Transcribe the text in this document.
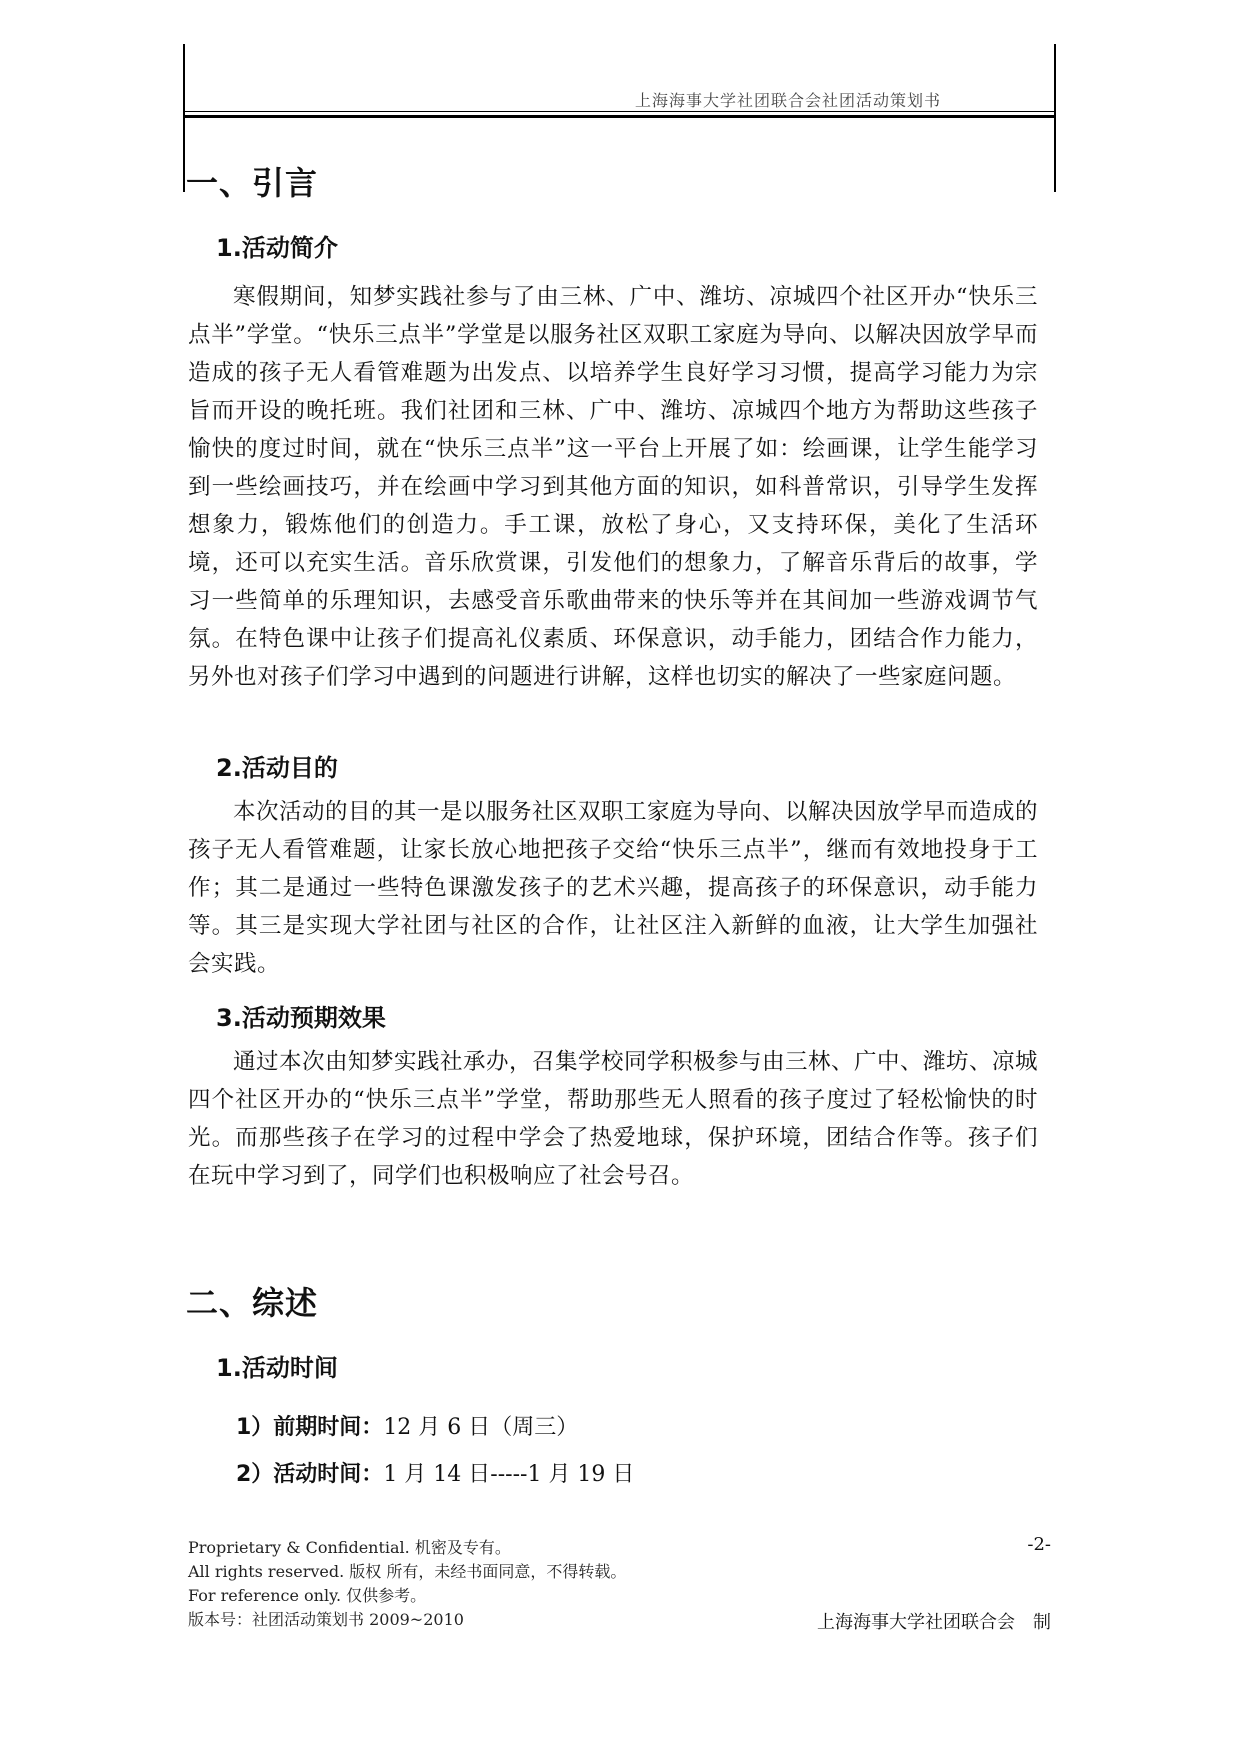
上海海事大学社团联合会社团活动策划书
一、引言
1.活动简介
寒假期间，知梦实践社参与了由三林、广中、潍坊、凉城四个社区开办“快乐三点半”学堂。“快乐三点半”学堂是以服务社区双职工家庭为导向、以解决因放学早而造成的孩子无人看管难题为出发点、以培养学生良好学习习惯，提高学习能力为宗旨而开设的晚托班。我们社团和三林、广中、潍坊、凉城四个地方为帮助这些孩子愉快的度过时间，就在“快乐三点半”这一平台上开展了如：绘画课，让学生能学习到一些绘画技巧，并在绘画中学习到其他方面的知识，如科普常识，引导学生发挥想象力，锻炼他们的创造力。手工课，放松了身心，又支持环保，美化了生活环境，还可以充实生活。音乐欣赏课，引发他们的想象力，了解音乐背后的故事，学习一些简单的乐理知识，去感受音乐歌曲带来的快乐等并在其间加一些游戏调节气氛。在特色课中让孩子们提高礼仪素质、环保意识，动手能力，团结合作力能力，另外也对孩子们学习中遇到的问题进行讲解，这样也切实的解决了一些家庭问题。
2.活动目的
本次活动的目的其一是以服务社区双职工家庭为导向、以解决因放学早而造成的孩子无人看管难题，让家长放心地把孩子交给“快乐三点半”，继而有效地投身于工作；其二是通过一些特色课激发孩子的艺术兴趣，提高孩子的环保意识，动手能力等。其三是实现大学社团与社区的合作，让社区注入新鲜的血液，让大学生加强社会实践。
3.活动预期效果
通过本次由知梦实践社承办，召集学校同学积极参与由三林、广中、潍坊、凉城四个社区开办的“快乐三点半”学堂，帮助那些无人照看的孩子度过了轻松愉快的时光。而那些孩子在学习的过程中学会了热爱地球，保护环境，团结合作等。孩子们在玩中学习到了，同学们也积极响应了社会号召。
二、综述
1.活动时间
1）前期时间：12 月 6 日（周三）
2）活动时间：1 月 14 日-----1 月 19 日
Proprietary & Confidential. 机密及专有。
All rights reserved. 版权 所有，未经书面同意，不得转载。
For reference only. 仅供参考。
版本号：社团活动策划书 2009~2010
-2-
上海海事大学社团联合会　制
